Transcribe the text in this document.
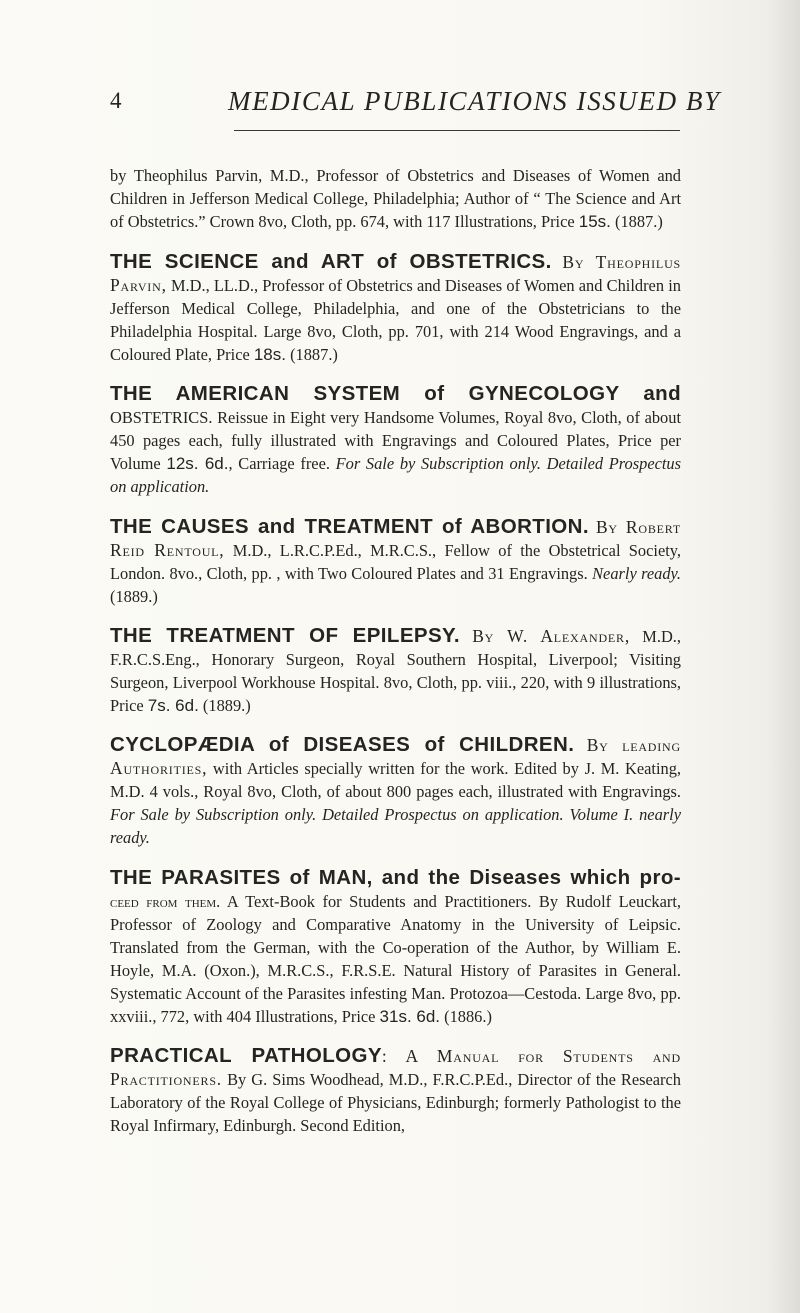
4	MEDICAL PUBLICATIONS ISSUED BY

by Theophilus Parvin, M.D., Professor of Obstetrics and Diseases of Women and Children in Jefferson Medical College, Philadelphia; Author of “ The Science and Art of Obstetrics.” Crown 8vo, Cloth, pp. 674, with 117 Illustrations, Price 15s. (1887.)

THE SCIENCE and ART of OBSTETRICS. By Theophilus Parvin, M.D., LL.D., Professor of Obstetrics and Diseases of Women and Children in Jefferson Medical College, Philadelphia, and one of the Obstetricians to the Philadelphia Hospital. Large 8vo, Cloth, pp. 701, with 214 Wood Engravings, and a Coloured Plate, Price 18s. (1887.)

THE AMERICAN SYSTEM of GYNECOLOGY and OBSTETRICS. Reissue in Eight very Handsome Volumes, Royal 8vo, Cloth, of about 450 pages each, fully illustrated with Engravings and Coloured Plates, Price per Volume 12s. 6d., Carriage free. For Sale by Subscription only. Detailed Prospectus on application.

THE CAUSES and TREATMENT of ABORTION. By Robert Reid Rentoul, M.D., L.R.C.P.Ed., M.R.C.S., Fellow of the Obstetrical Society, London. 8vo., Cloth, pp. , with Two Coloured Plates and 31 Engravings. Nearly ready. (1889.)

THE TREATMENT OF EPILEPSY. By W. Alexander, M.D., F.R.C.S.Eng., Honorary Surgeon, Royal Southern Hospital, Liverpool; Visiting Surgeon, Liverpool Workhouse Hospital. 8vo, Cloth, pp. viii., 220, with 9 illustrations, Price 7s. 6d. (1889.)

CYCLOPÆDIA of DISEASES of CHILDREN. By leading Authorities, with Articles specially written for the work. Edited by J. M. Keating, M.D. 4 vols., Royal 8vo, Cloth, of about 800 pages each, illustrated with Engravings. For Sale by Subscription only. Detailed Prospectus on application. Volume I. nearly ready.

THE PARASITES of MAN, and the Diseases which pro- ceed from them. A Text-Book for Students and Practitioners. By Rudolf Leuckart, Professor of Zoology and Comparative Anatomy in the University of Leipsic. Translated from the German, with the Co-operation of the Author, by William E. Hoyle, M.A. (Oxon.), M.R.C.S., F.R.S.E. Natural History of Parasites in General. Systematic Account of the Parasites infesting Man. Protozoa—Cestoda. Large 8vo, pp. xxviii., 772, with 404 Illustrations, Price 31s. 6d. (1886.)

PRACTICAL PATHOLOGY: A Manual for Students and Practitioners. By G. Sims Woodhead, M.D., F.R.C.P.Ed., Director of the Research Laboratory of the Royal College of Physicians, Edinburgh; formerly Pathologist to the Royal Infirmary, Edinburgh. Second Edition,
